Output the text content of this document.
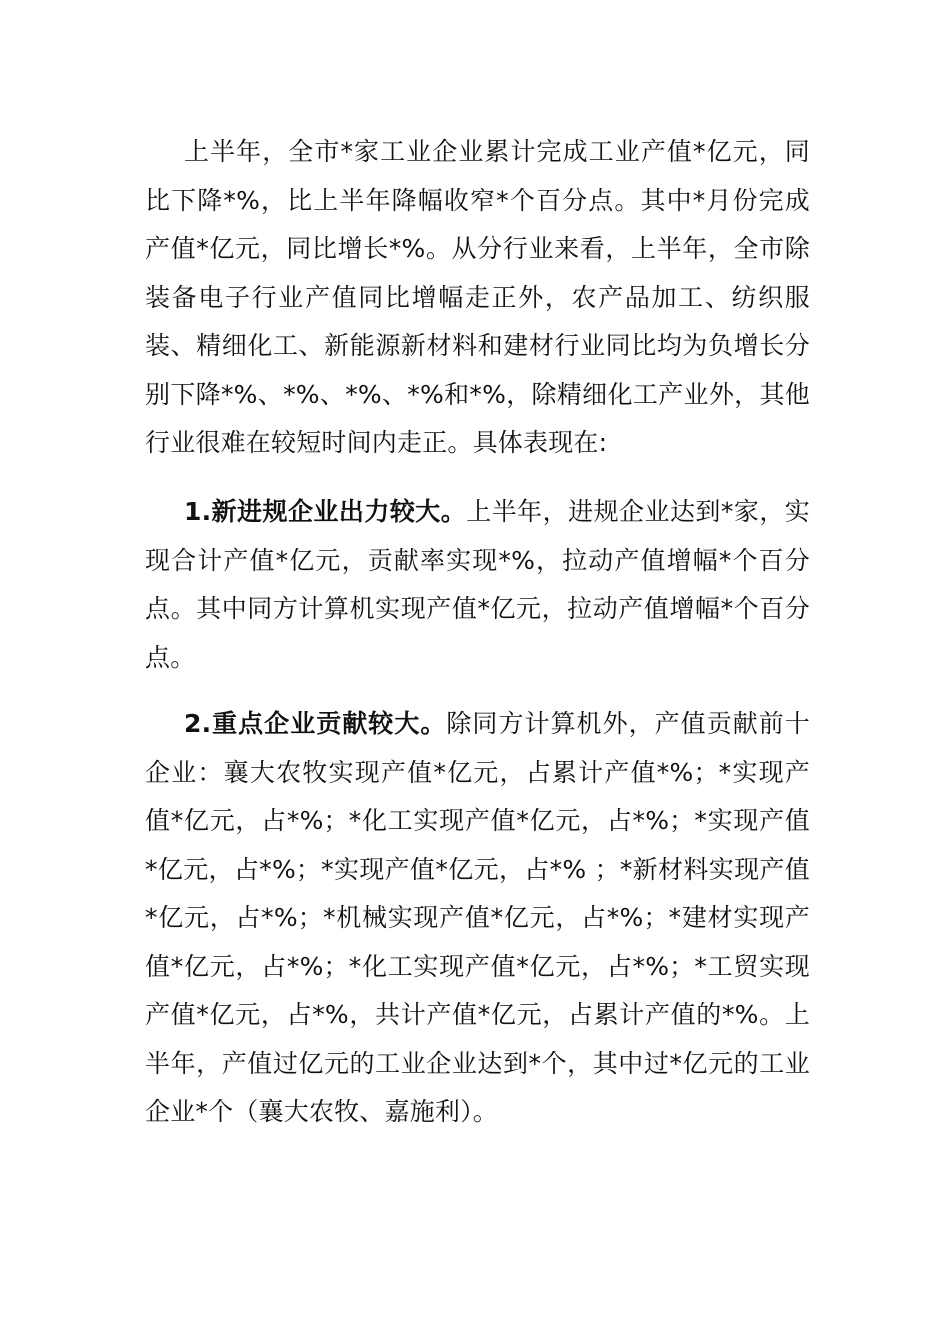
上半年，全市*家工业企业累计完成工业产值*亿元，同比下降*%，比上半年降幅收窄*个百分点。其中*月份完成产值*亿元，同比增长*%。从分行业来看，上半年，全市除装备电子行业产值同比增幅走正外，农产品加工、纺织服装、精细化工、新能源新材料和建材行业同比均为负增长分别下降*%、*%、*%、*%和*%，除精细化工产业外，其他行业很难在较短时间内走正。具体表现在:

1.新进规企业出力较大。上半年，进规企业达到*家，实现合计产值*亿元，贡献率实现*%，拉动产值增幅*个百分点。其中同方计算机实现产值*亿元，拉动产值增幅*个百分点。

2.重点企业贡献较大。除同方计算机外，产值贡献前十企业：襄大农牧实现产值*亿元，占累计产值*%；*实现产值*亿元，占*%；*化工实现产值*亿元，占*%；*实现产值*亿元，占*%；*实现产值*亿元，占*% ；*新材料实现产值*亿元，占*%；*机械实现产值*亿元，占*%；*建材实现产值*亿元，占*%；*化工实现产值*亿元，占*%；*工贸实现产值*亿元，占*%，共计产值*亿元，占累计产值的*%。上半年，产值过亿元的工业企业达到*个，其中过*亿元的工业企业*个（襄大农牧、嘉施利）。
